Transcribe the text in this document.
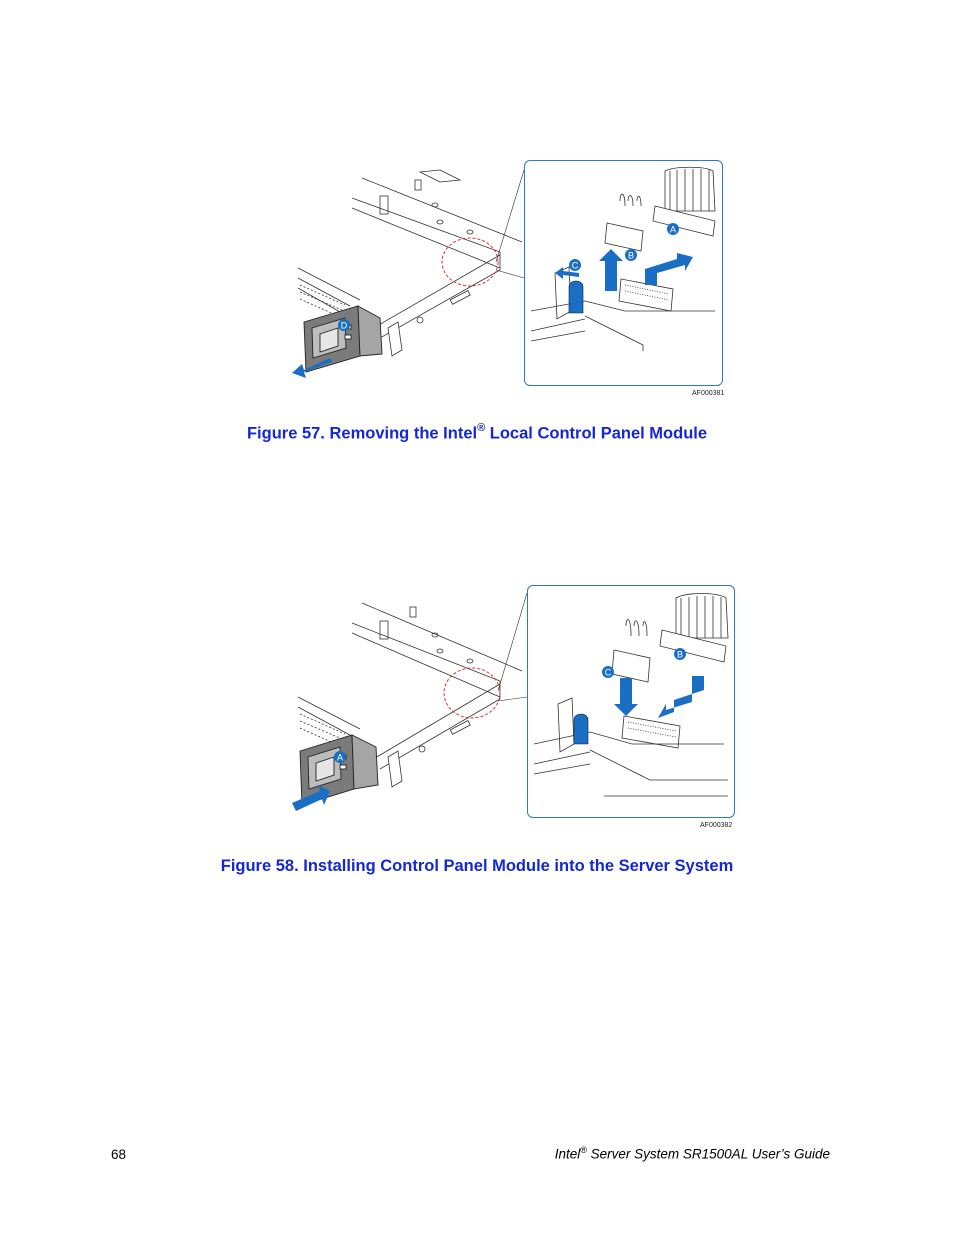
D
A
B
C
AF000381
Figure 57. Removing the Intel® Local Control Panel Module
A
B
C
AF000382
Figure 58. Installing Control Panel Module into the Server System
68	Intel® Server System SR1500AL User’s Guide
